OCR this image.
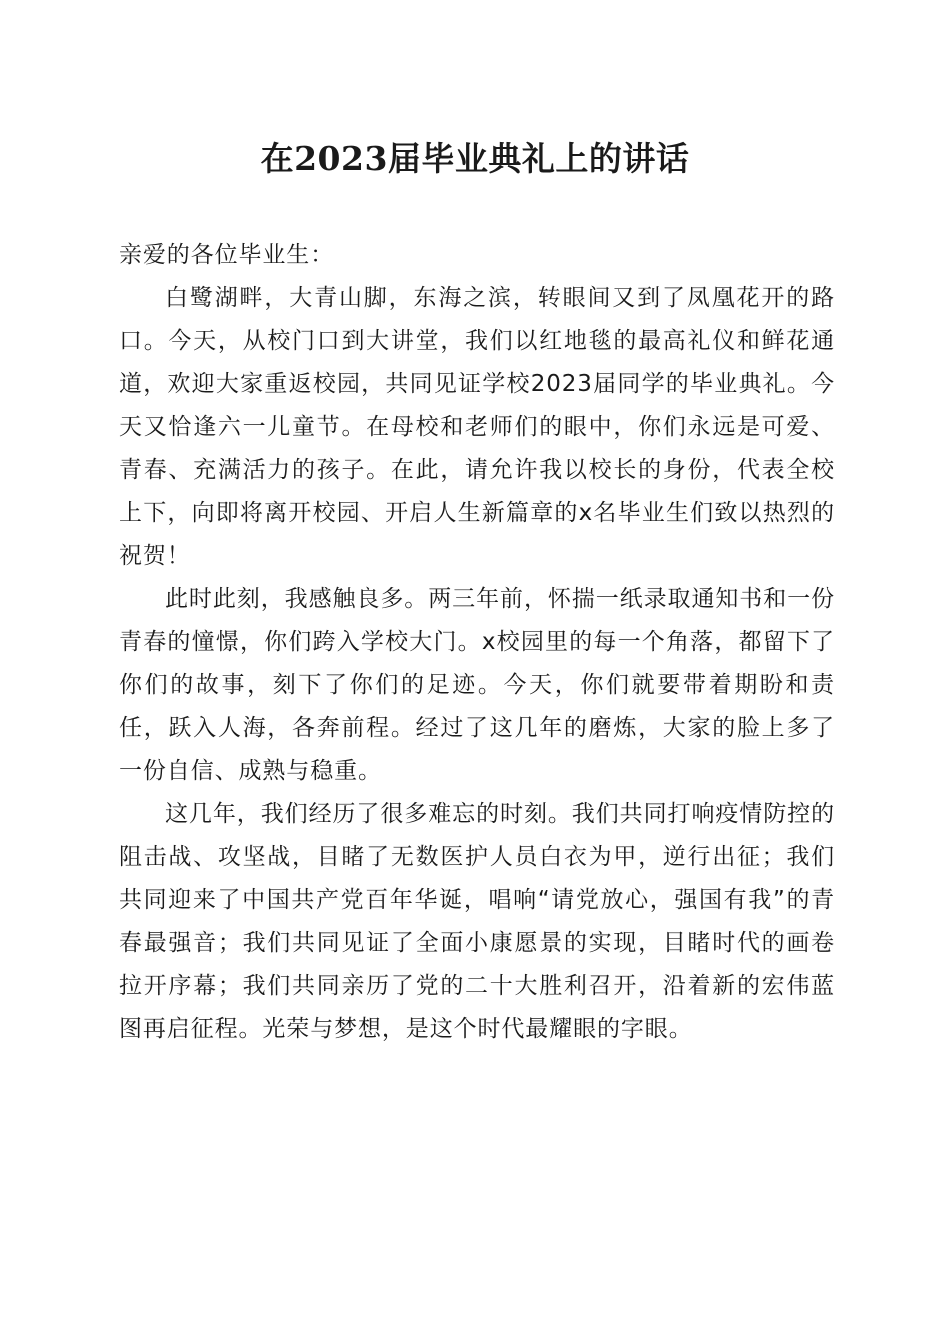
在2023届毕业典礼上的讲话

亲爱的各位毕业生：

白鹭湖畔，大青山脚，东海之滨，转眼间又到了凤凰花开的路口。今天，从校门口到大讲堂，我们以红地毯的最高礼仪和鲜花通道，欢迎大家重返校园，共同见证学校2023届同学的毕业典礼。今天又恰逢六一儿童节。在母校和老师们的眼中，你们永远是可爱、青春、充满活力的孩子。在此，请允许我以校长的身份，代表全校上下，向即将离开校园、开启人生新篇章的x名毕业生们致以热烈的祝贺！

此时此刻，我感触良多。两三年前，怀揣一纸录取通知书和一份青春的憧憬，你们跨入学校大门。x校园里的每一个角落，都留下了你们的故事，刻下了你们的足迹。今天，你们就要带着期盼和责任，跃入人海，各奔前程。经过了这几年的磨炼，大家的脸上多了一份自信、成熟与稳重。

这几年，我们经历了很多难忘的时刻。我们共同打响疫情防控的阻击战、攻坚战，目睹了无数医护人员白衣为甲，逆行出征；我们共同迎来了中国共产党百年华诞，唱响“请党放心，强国有我”的青春最强音；我们共同见证了全面小康愿景的实现，目睹时代的画卷拉开序幕；我们共同亲历了党的二十大胜利召开，沿着新的宏伟蓝图再启征程。光荣与梦想，是这个时代最耀眼的字眼。
